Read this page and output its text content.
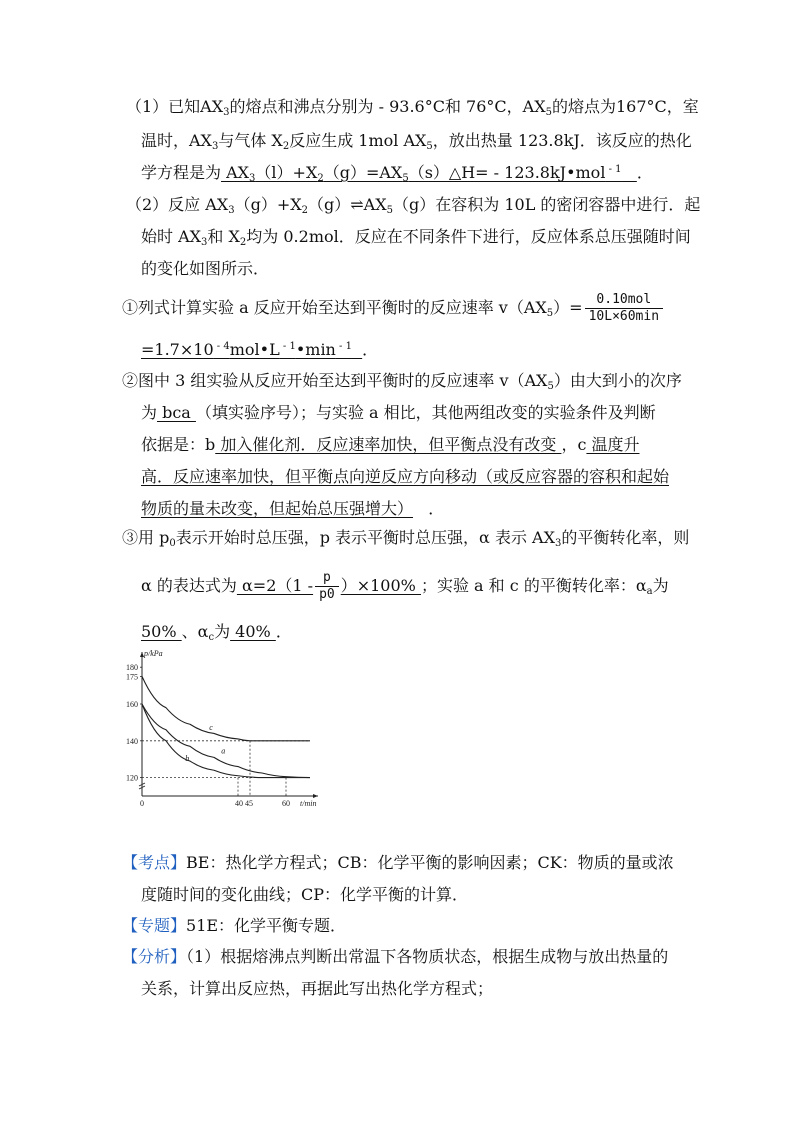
（1）已知$AX_3$的熔点和沸点分别为 - 93.6°C和 76°C，$AX_5$的熔点为167°C，室
温时，$AX_3$与气体 $X_2$反应生成 1mol $AX_5$，放出热量 123.8kJ．该反应的热化
学方程是为 $AX_3(l)+X_2(g)=AX_5(s)\triangle H=$ - 123.8kJ•mol $^{- 1}$ ．
（2）反应 $AX_3(g)+X_2(g)\rightleftharpoons AX_5(g)$在容积为 10L 的密闭容器中进行．起
始时 $AX_3$和 $X_2$均为 0.2mol．反应在不同条件下进行，反应体系总压强随时间
的变化如图所示．
①列式计算实验 a 反应开始至达到平衡时的反应速率 $v(AX_5)= \frac{\text{0.10mol}}{10L\times 60\min}$
=1.7×10 $^{- 4}$mol•L $^{- 1}$•min $^{- 1}$ ．
②图中 3 组实验从反应开始至达到平衡时的反应速率 $v(AX_5)$由大到小的次序
为 bca （填实验序号）；与实验 a 相比，其他两组改变的实验条件及判断
依据是：b 加入催化剂．反应速率加快，但平衡点没有改变 ，c 温度升
高．反应速率加快，但平衡点向逆反应方向移动（或反应容器的容积和起始
物质的量未改变，但起始总压强增大） ．
③用 $p_0$表示开始时总压强，p 表示平衡时总压强，α 表示 $AX_3$的平衡转化率，则
α 的表达式为 $\alpha=2(1 - \frac{p}{p0} )\times 100\%$ ；实验 a 和 c 的平衡转化率：$\alpha_a$为
50% 、$\alpha_c$为 40% ．
p/kPa
t/min
120
140
160
175
180
0	40 45	60
a
b
c
【考点】BE：热化学方程式；CB：化学平衡的影响因素；CK：物质的量或浓
度随时间的变化曲线；CP：化学平衡的计算．
【专题】51E：化学平衡专题．
【分析】（1）根据熔沸点判断出常温下各物质状态，根据生成物与放出热量的
关系，计算出反应热，再据此写出热化学方程式；
